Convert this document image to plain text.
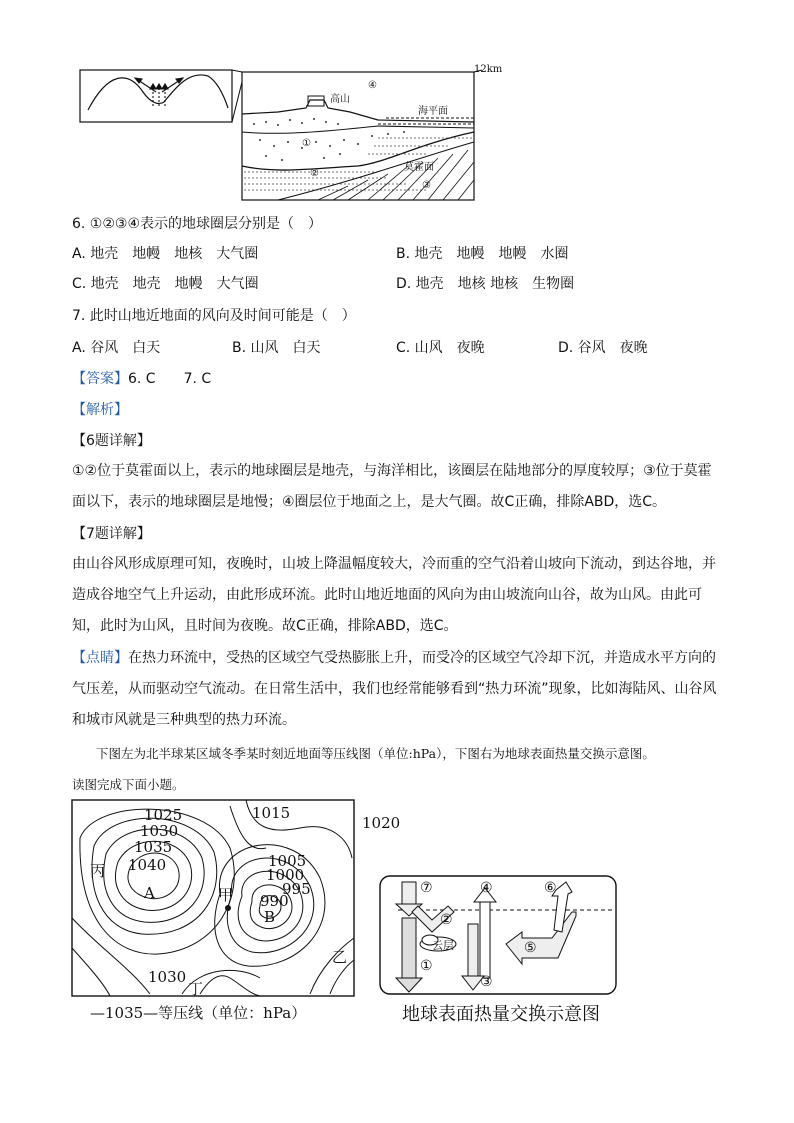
12km
④
高山
海平面
①
②
莫霍面
③
6. ①②③④表示的地球圈层分别是（　）
A. 地壳　地幔　地核　大气圈	B. 地壳　地幔　地幔　水圈
C. 地壳　地壳　地幔　大气圈	D. 地壳　地核 地核　生物圈
7. 此时山地近地面的风向及时间可能是（　）
A. 谷风　白天	B. 山风　白天	C. 山风　夜晚	D. 谷风　夜晚
【答案】6. C　　7. C
【解析】
【6题详解】
①②位于莫霍面以上，表示的地球圈层是地壳，与海洋相比，该圈层在陆地部分的厚度较厚；③位于莫霍面以下，表示的地球圈层是地慢；④圈层位于地面之上，是大气圈。故C正确，排除ABD，选C。
【7题详解】
由山谷风形成原理可知，夜晚时，山坡上降温幅度较大，冷而重的空气沿着山坡向下流动，到达谷地，并造成谷地空气上升运动，由此形成环流。此时山地近地面的风向为由山坡流向山谷，故为山风。由此可知，此时为山风，且时间为夜晚。故C正确，排除ABD，选C。
【点睛】在热力环流中，受热的区域空气受热膨胀上升，而受冷的区域空气冷却下沉，并造成水平方向的气压差，从而驱动空气流动。在日常生活中，我们也经常能够看到“热力环流”现象，比如海陆风、山谷风和城市风就是三种典型的热力环流。
下图左为北半球某区域冬季某时刻近地面等压线图（单位:hPa），下图右为地球表面热量交换示意图。
读图完成下面小题。
1025
1030
1035
1040
1015
1020
1005
1000
995
990
1030
丙
甲
乙
丁
A
B
—1035—等压线（单位：hPa）
⑦	④	⑥
②
①
③
⑤
云层
地球表面热量交换示意图
